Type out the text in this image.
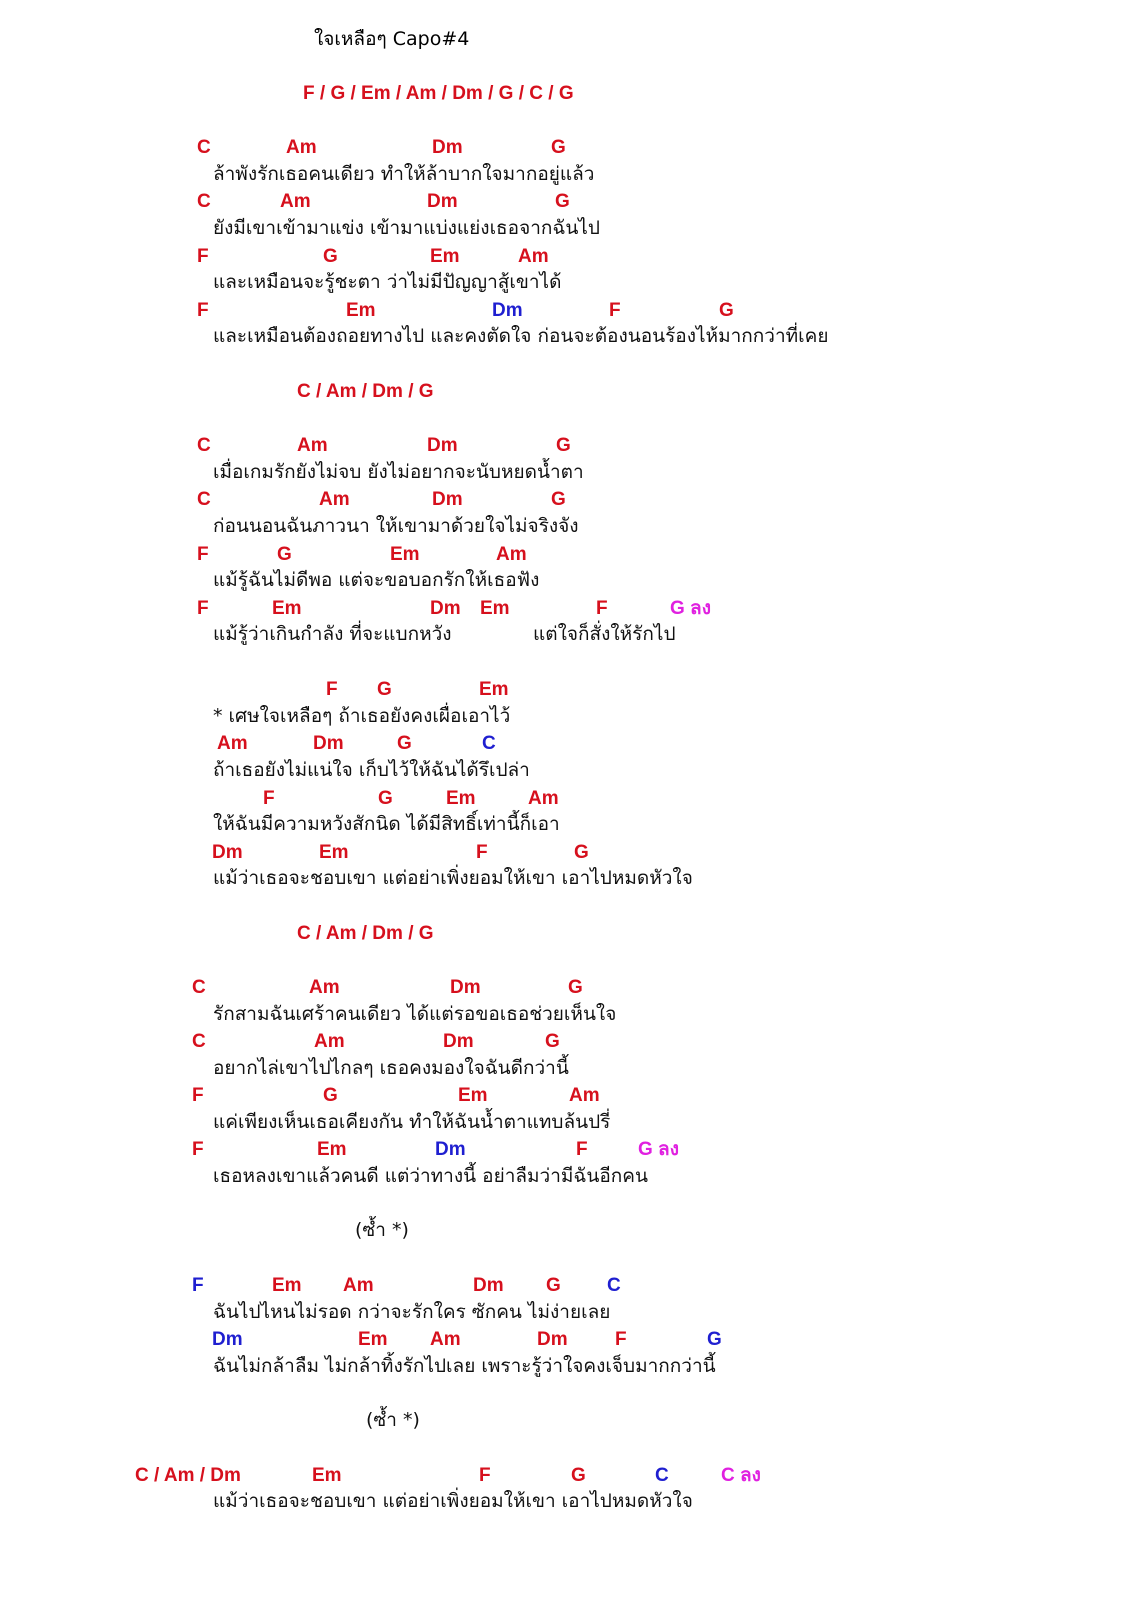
ใจเหลือๆ Capo#4
F / G / Em / Am / Dm / G / C / G
ล้าพังรักเธอคนเดียว ทำให้ล้าบากใจมากอยู่แล้ว
ยังมีเขาเข้ามาแข่ง เข้ามาแบ่งแย่งเธอจากฉันไป
และเหมือนจะรู้ชะตา ว่าไม่มีปัญญาสู้เขาได้
และเหมือนต้องถอยทางไป และคงตัดใจ ก่อนจะต้องนอนร้องไห้มากกว่าที่เคย
C / Am / Dm / G
เมื่อเกมรักยังไม่จบ ยังไม่อยากจะนับหยดน้ำตา
ก่อนนอนฉันภาวนา ให้เขามาด้วยใจไม่จริงจัง
แม้รู้ฉันไม่ดีพอ แต่จะขอบอกรักให้เธอฟัง
แม้รู้ว่าเกินกำลัง ที่จะแบกหวัง	แต่ใจก็สั่งให้รักไป
* เศษใจเหลือๆ ถ้าเธอยังคงเผื่อเอาไว้
ถ้าเธอยังไม่แน่ใจ เก็บไว้ให้ฉันได้รึเปล่า
ให้ฉันมีความหวังสักนิด ได้มีสิทธิ์เท่านี้ก็เอา
แม้ว่าเธอจะชอบเขา แต่อย่าเพิ่งยอมให้เขา เอาไปหมดหัวใจ
C / Am / Dm / G
รักสามฉันเศร้าคนเดียว ได้แต่รอขอเธอช่วยเห็นใจ
อยากไล่เขาไปไกลๆ เธอคงมองใจฉันดีกว่านี้
แค่เพียงเห็นเธอเคียงกัน ทำให้ฉันน้ำตาแทบล้นปรี่
เธอหลงเขาแล้วคนดี แต่ว่าทางนี้ อย่าลืมว่ามีฉันอีกคน
(ซ้ำ *)
ฉันไปไหนไม่รอด กว่าจะรักใคร ซักคน ไม่ง่ายเลย
ฉันไม่กล้าลืม ไม่กล้าทิ้งรักไปเลย เพราะรู้ว่าใจคงเจ็บมากกว่านี้
(ซ้ำ *)
C / Am / Dm
แม้ว่าเธอจะชอบเขา แต่อย่าเพิ่งยอมให้เขา เอาไปหมดหัวใจ
C	Am	Dm	G
C	Am	Dm	G
F	G	Em	Am
F	Em	Dm	F	G
C	Am	Dm	G
C	Am	Dm	G
F	G	Em	Am
F	Em	Dm Em	F	G ลง
F G	Em
Am	Dm	G	C
F	G	Em	Am
Dm	Em	F	G
C	Am	Dm	G
C	Am	Dm	G
F	G	Em	Am
F	Em	Dm	F	G ลง
F	Em Am	Dm G C
Dm	Em Am	Dm F	G
Em	F	G	C	C ลง
